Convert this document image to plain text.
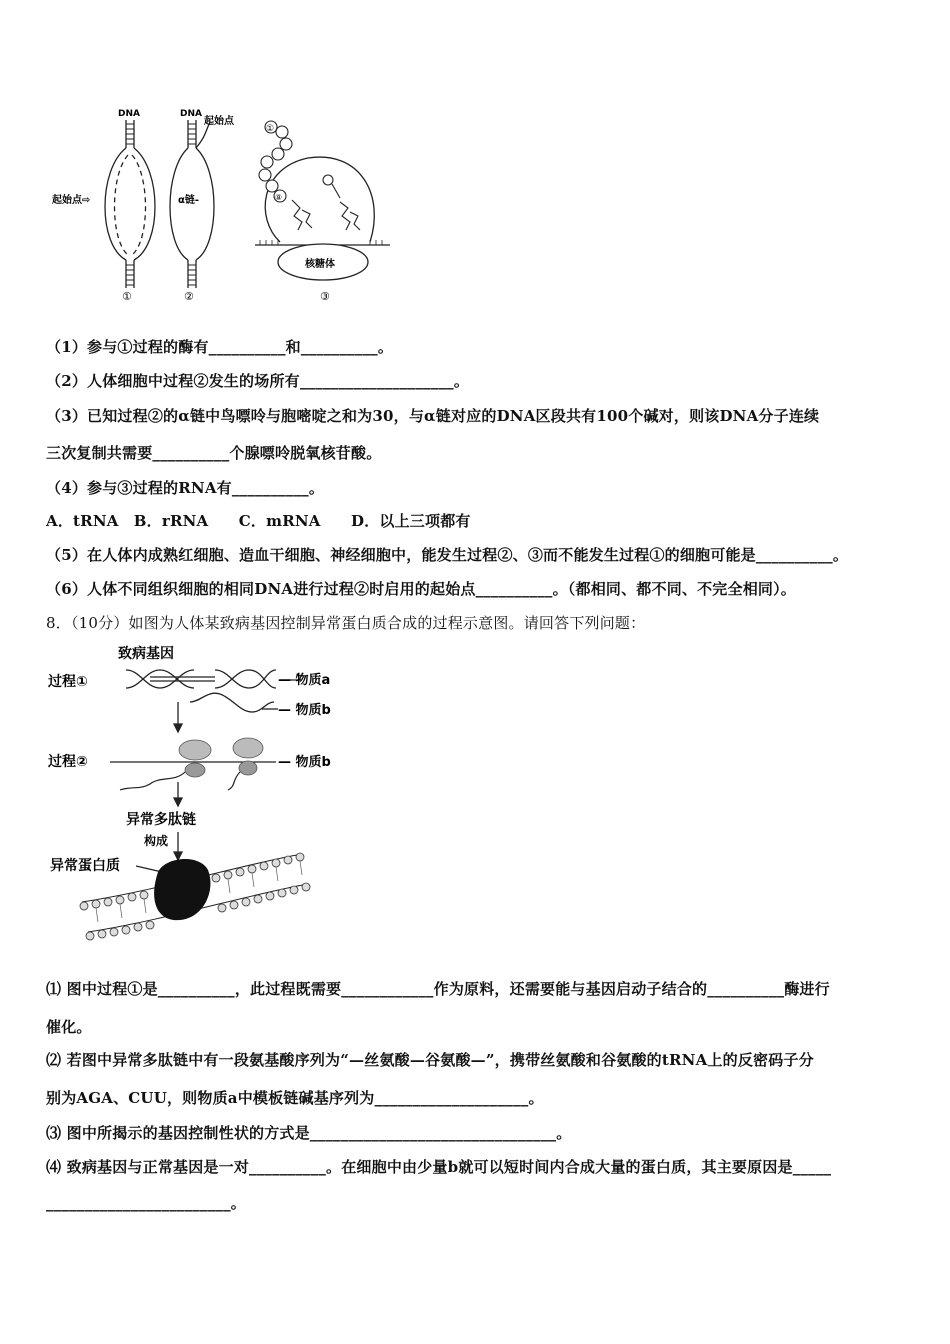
DNA
起始点⇨
①
DNA
起始点
α链-
②
核糖体
①
⑧
③
（1）参与①过程的酶有__________和__________。
（2）人体细胞中过程②发生的场所有____________________。
（3）已知过程②的α链中鸟嘌呤与胞嘧啶之和为30，与α链对应的DNA区段共有100个碱对，则该DNA分子连续
三次复制共需要__________个腺嘌呤脱氧核苷酸。
（4）参与③过程的RNA有__________。
A．tRNA　B．rRNA　　C．mRNA　　D．以上三项都有
（5）在人体内成熟红细胞、造血干细胞、神经细胞中，能发生过程②、③而不能发生过程①的细胞可能是__________。
（6）人体不同组织细胞的相同DNA进行过程②时启用的起始点__________。（都相同、都不同、不完全相同）。
8．（10分）如图为人体某致病基因控制异常蛋白质合成的过程示意图。请回答下列问题：
致病基因
过程①	— 物质a
— 物质b
过程②	— 物质b
异常多肽链
构成
异常蛋白质
⑴ 图中过程①是__________，此过程既需要____________作为原料，还需要能与基因启动子结合的__________酶进行
催化。
⑵ 若图中异常多肽链中有一段氨基酸序列为“—丝氨酸—谷氨酸—”，携带丝氨酸和谷氨酸的tRNA上的反密码子分
别为AGA、CUU，则物质a中模板链碱基序列为____________________。
⑶ 图中所揭示的基因控制性状的方式是________________________________。
⑷ 致病基因与正常基因是一对__________。在细胞中由少量b就可以短时间内合成大量的蛋白质，其主要原因是_____
________________________。
